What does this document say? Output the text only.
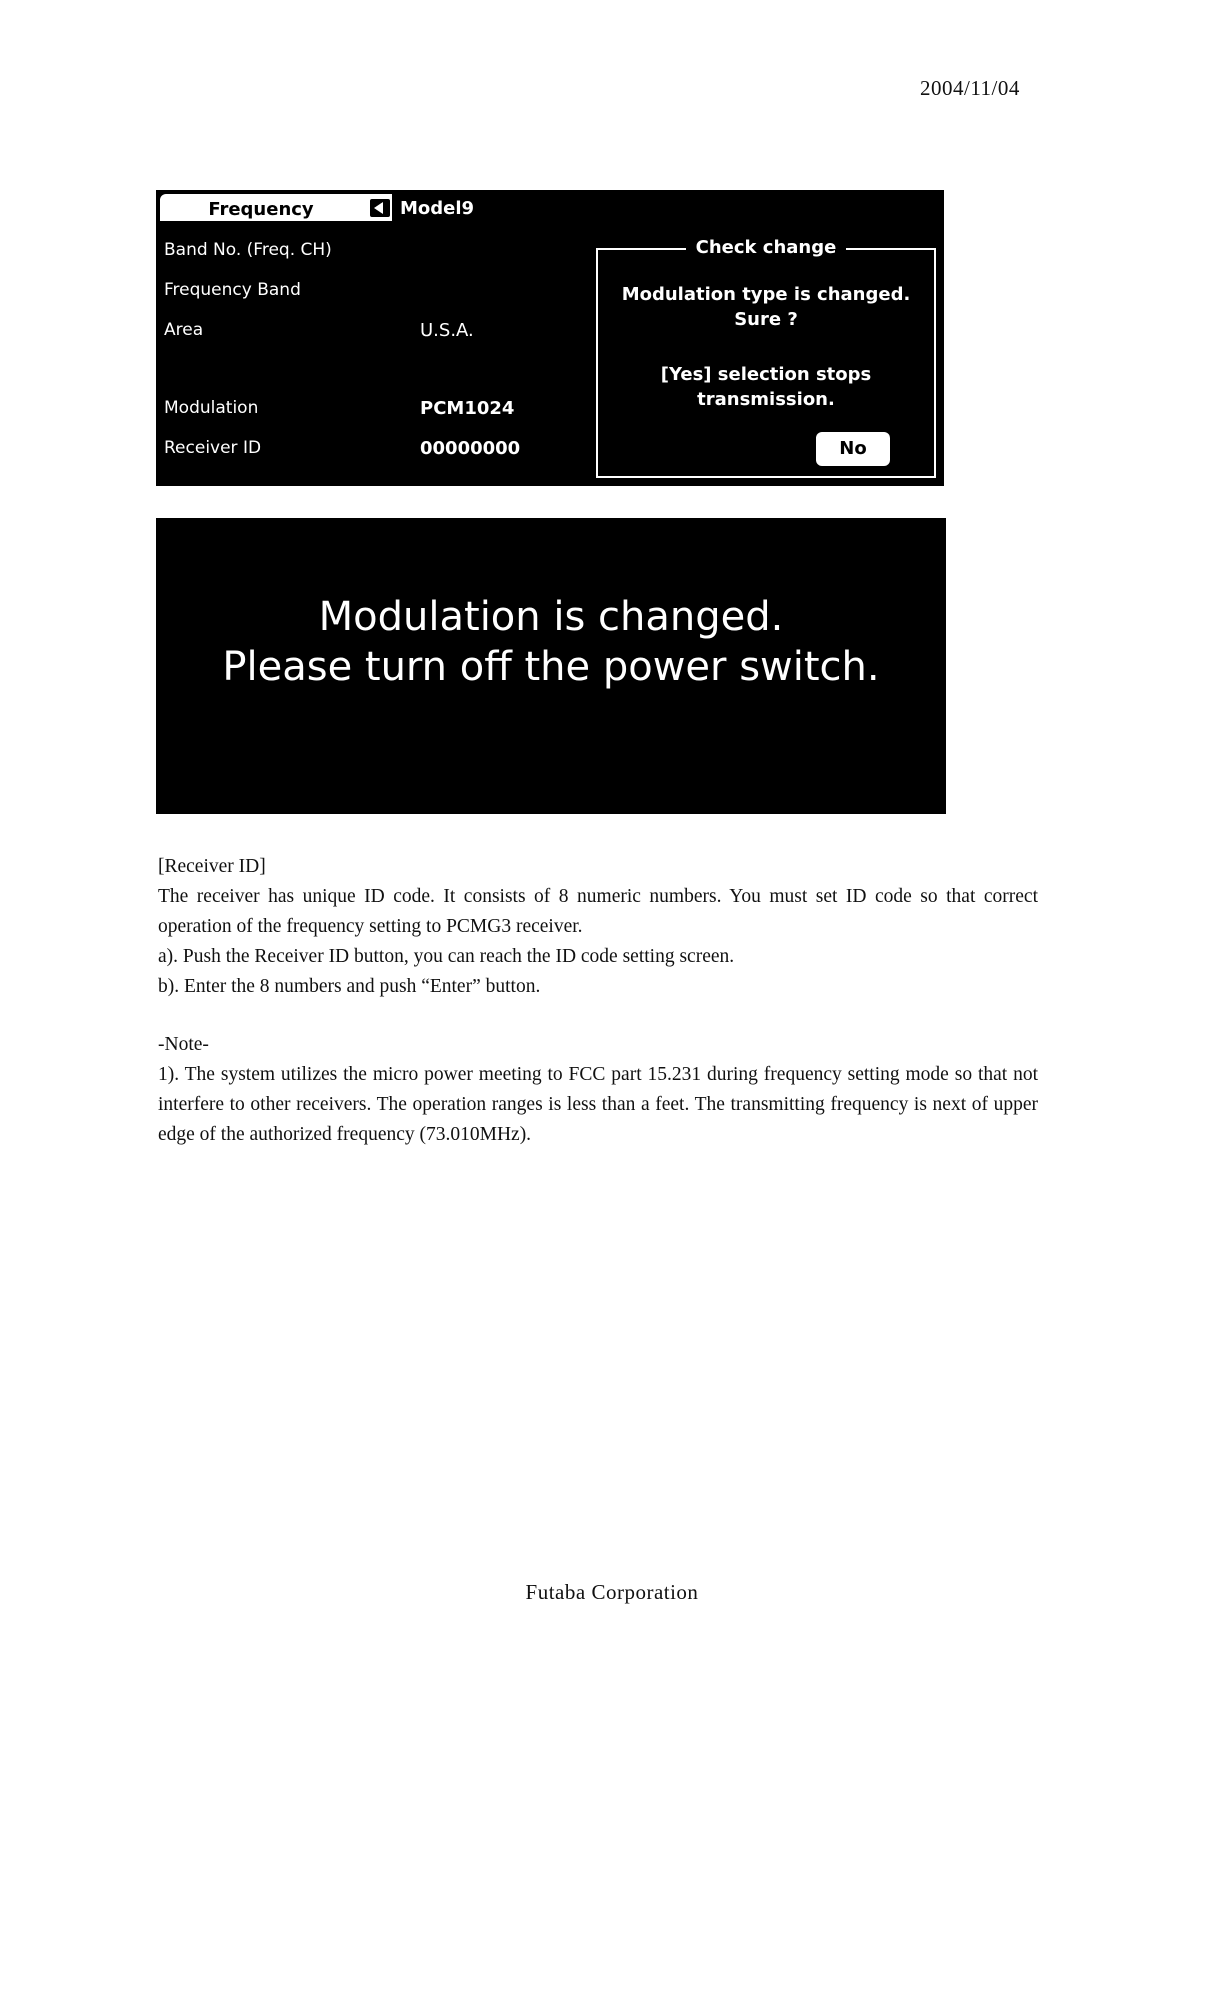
2004/11/04
Frequency	Model9
Band No. (Freq. CH)
Frequency Band
Area	U.S.A.
Modulation	PCM1024
Receiver ID	00000000
Check change
Modulation type is changed.
Sure ?
[Yes] selection stops
transmission.
No
Modulation is changed.
Please turn off the power switch.

[Receiver ID]

The receiver has unique ID code. It consists of 8 numeric numbers. You must set ID code so that correct operation of the frequency setting to PCMG3 receiver.

a). Push the Receiver ID button, you can reach the ID code setting screen.

b). Enter the 8 numbers and push “Enter” button.

-Note-

1). The system utilizes the micro power meeting to FCC part 15.231 during frequency setting mode so that not interfere to other receivers. The operation ranges is less than a feet. The transmitting frequency is next of upper edge of the authorized frequency (73.010MHz).

Futaba Corporation
